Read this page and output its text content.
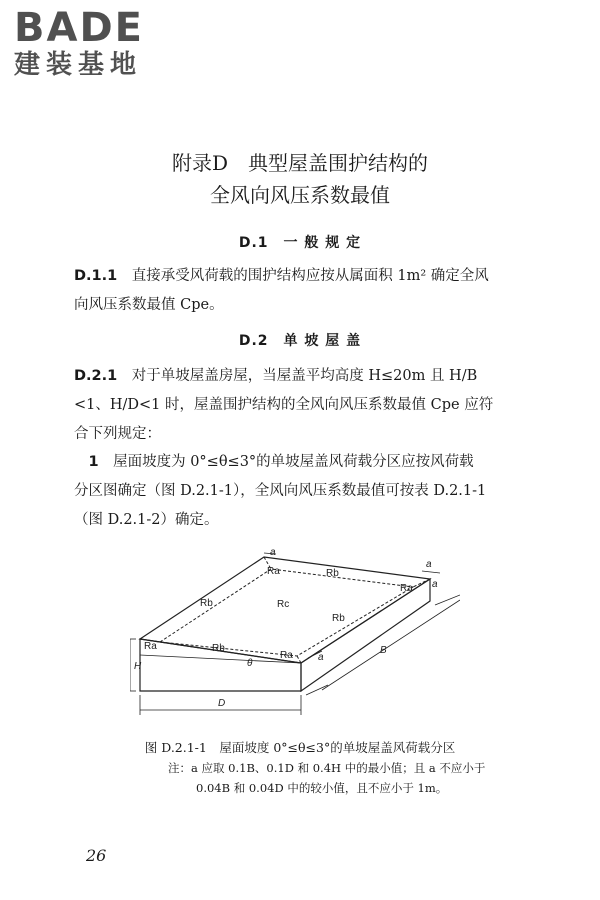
BADE
建装基地
附录D　典型屋盖围护结构的
全风向风压系数最值
D.1　一 般 规 定
D.1.1　 直接承受风荷载的围护结构应按从属面积 1m² 确定全风
向风压系数最值 Cpe。
D.2　单 坡 屋 盖
D.2.1　 对于单坡屋盖房屋，当屋盖平均高度 H≤20m 且 H/B
<1、H/D<1 时，屋盖围护结构的全风向风压系数最值 Cpe 应符
合下列规定：
　1　 屋面坡度为 0°≤θ≤3°的单坡屋盖风荷载分区应按风荷载
分区图确定（图 D.2.1-1），全风向风压系数最值可按表 D.2.1-1
（图 D.2.1-2）确定。
Ra
Ra
Ra
Ra
Rb
Rb
Rb
Rb
Rc
a
a
a
a
B
D
H	θ
图 D.2.1-1　屋面坡度 0°≤θ≤3°的单坡屋盖风荷载分区
注：a 应取 0.1B、0.1D 和 0.4H 中的最小值；且 a 不应小于
0.04B 和 0.04D 中的较小值，且不应小于 1m。
26
